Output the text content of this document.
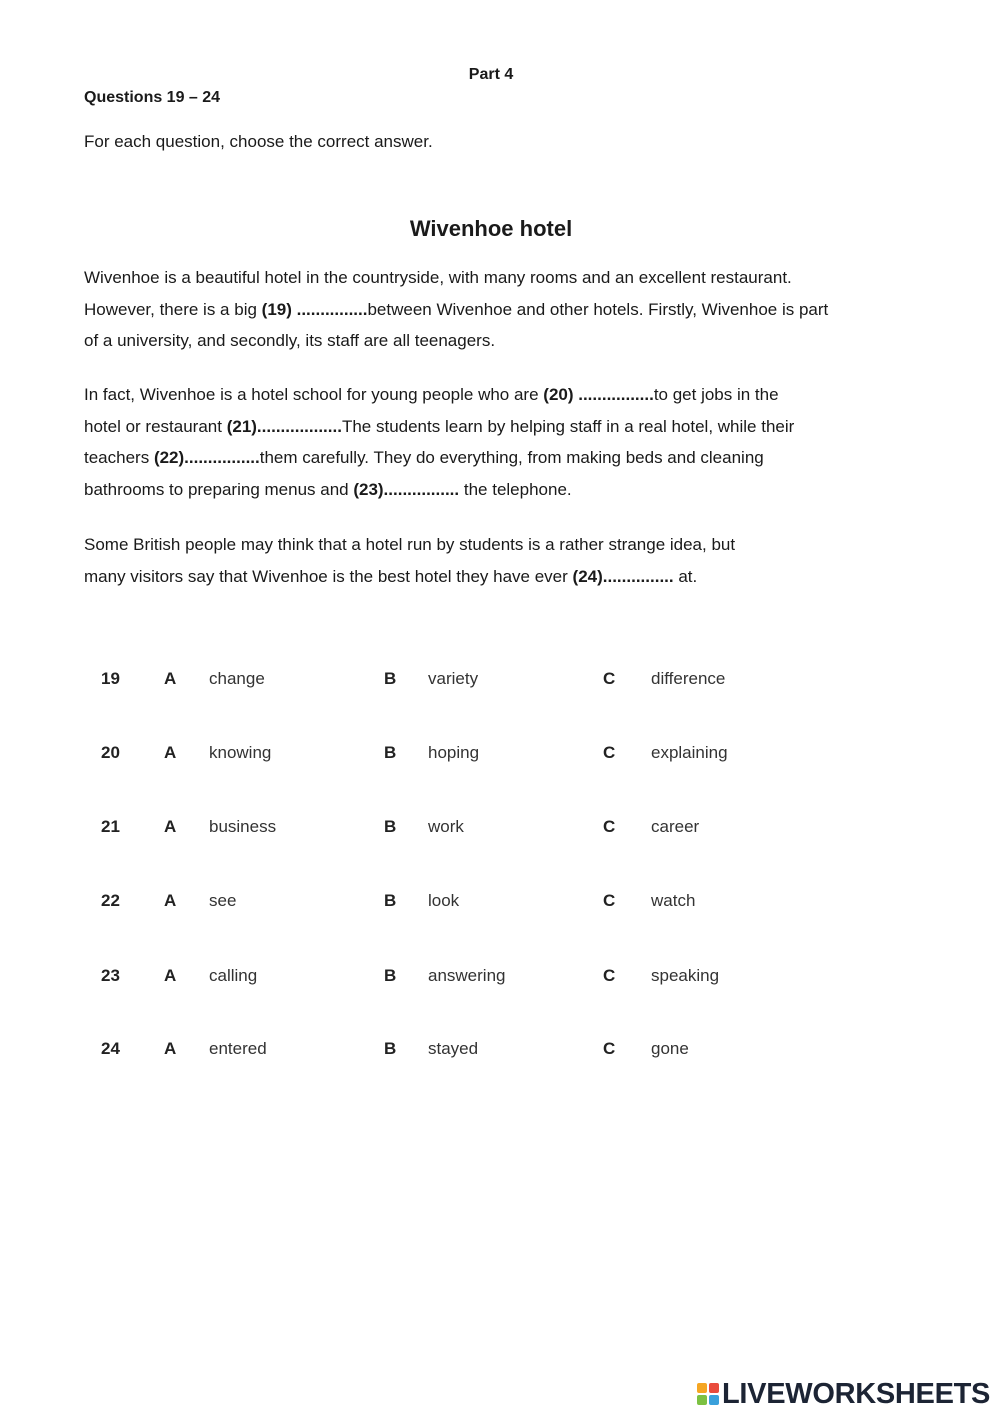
Part 4
Questions 19 – 24
For each question, choose the correct answer.
Wivenhoe hotel
Wivenhoe is a beautiful hotel in the countryside, with many rooms and an excellent restaurant.
However, there is a big (19) ...............between Wivenhoe and other hotels. Firstly, Wivenhoe is part
of a university, and secondly, its staff are all teenagers.
In fact, Wivenhoe is a hotel school for young people who are (20) ................to get jobs in the
hotel or restaurant (21)..................The students learn by helping staff in a real hotel, while their
teachers (22)................them carefully. They do everything, from making beds and cleaning
bathrooms to preparing menus and (23)................ the telephone.
Some British people may think that a hotel run by students is a rather strange idea, but
many visitors say that Wivenhoe is the best hotel they have ever (24)............... at.
19	A change	B variety	C difference
20	A knowing	B hoping	C explaining
21	A business	B work	C career
22	A see	B look	C watch
23	A calling	B answering	C speaking
24	A entered	B stayed	C gone
LIVEWORKSHEETS
